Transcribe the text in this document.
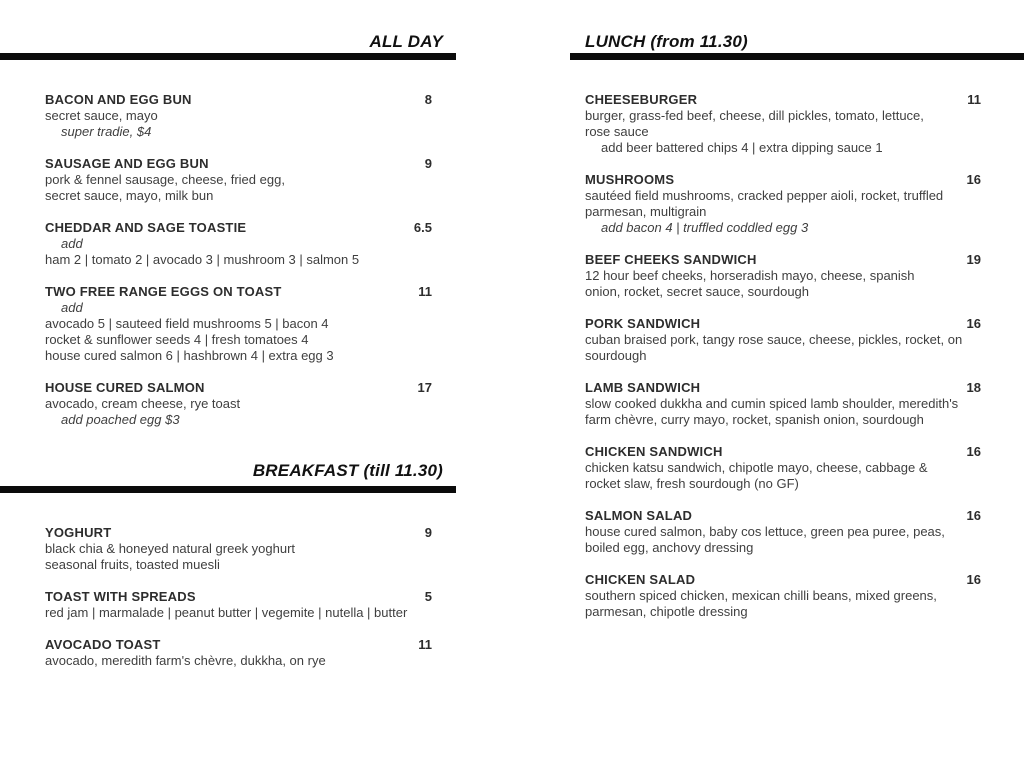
ALL DAY
BACON AND EGG BUN	8

secret sauce, mayo

super tradie, $4

SAUSAGE AND EGG BUN	9

pork & fennel sausage, cheese, fried egg,

secret sauce, mayo, milk bun

CHEDDAR AND SAGE TOASTIE	6.5

add

ham 2 | tomato 2 | avocado 3 | mushroom 3 | salmon 5

TWO FREE RANGE EGGS ON TOAST	11

add

avocado 5 | sauteed field mushrooms 5 | bacon 4

rocket & sunflower seeds 4 | fresh tomatoes 4

house cured salmon 6 | hashbrown 4 | extra egg 3

HOUSE CURED SALMON	17

avocado, cream cheese, rye toast

add poached egg $3

BREAKFAST (till 11.30)
YOGHURT	9

black chia & honeyed natural greek yoghurt

seasonal fruits, toasted muesli

TOAST WITH SPREADS	5

red jam | marmalade | peanut butter | vegemite | nutella | butter

AVOCADO TOAST	11

avocado, meredith farm's chèvre, dukkha, on rye

LUNCH (from 11.30)
CHEESEBURGER	11

burger, grass-fed beef, cheese, dill pickles, tomato, lettuce,

rose sauce

add beer battered chips 4 | extra dipping sauce 1

MUSHROOMS	16

sautéed field mushrooms, cracked pepper aioli, rocket, truffled

parmesan, multigrain

add bacon 4 | truffled coddled egg 3

BEEF CHEEKS SANDWICH	19

12 hour beef cheeks, horseradish mayo, cheese, spanish

onion, rocket, secret sauce, sourdough

PORK SANDWICH	16

cuban braised pork, tangy rose sauce, cheese, pickles, rocket, on

sourdough

LAMB SANDWICH	18

slow cooked dukkha and cumin spiced lamb shoulder, meredith's

farm chèvre, curry mayo, rocket, spanish onion, sourdough

CHICKEN SANDWICH	16

chicken katsu sandwich, chipotle mayo, cheese, cabbage &

rocket slaw, fresh sourdough (no GF)

SALMON SALAD	16

house cured salmon, baby cos lettuce, green pea puree, peas,

boiled egg, anchovy dressing

CHICKEN SALAD	16

southern spiced chicken, mexican chilli beans, mixed greens,

parmesan, chipotle dressing
